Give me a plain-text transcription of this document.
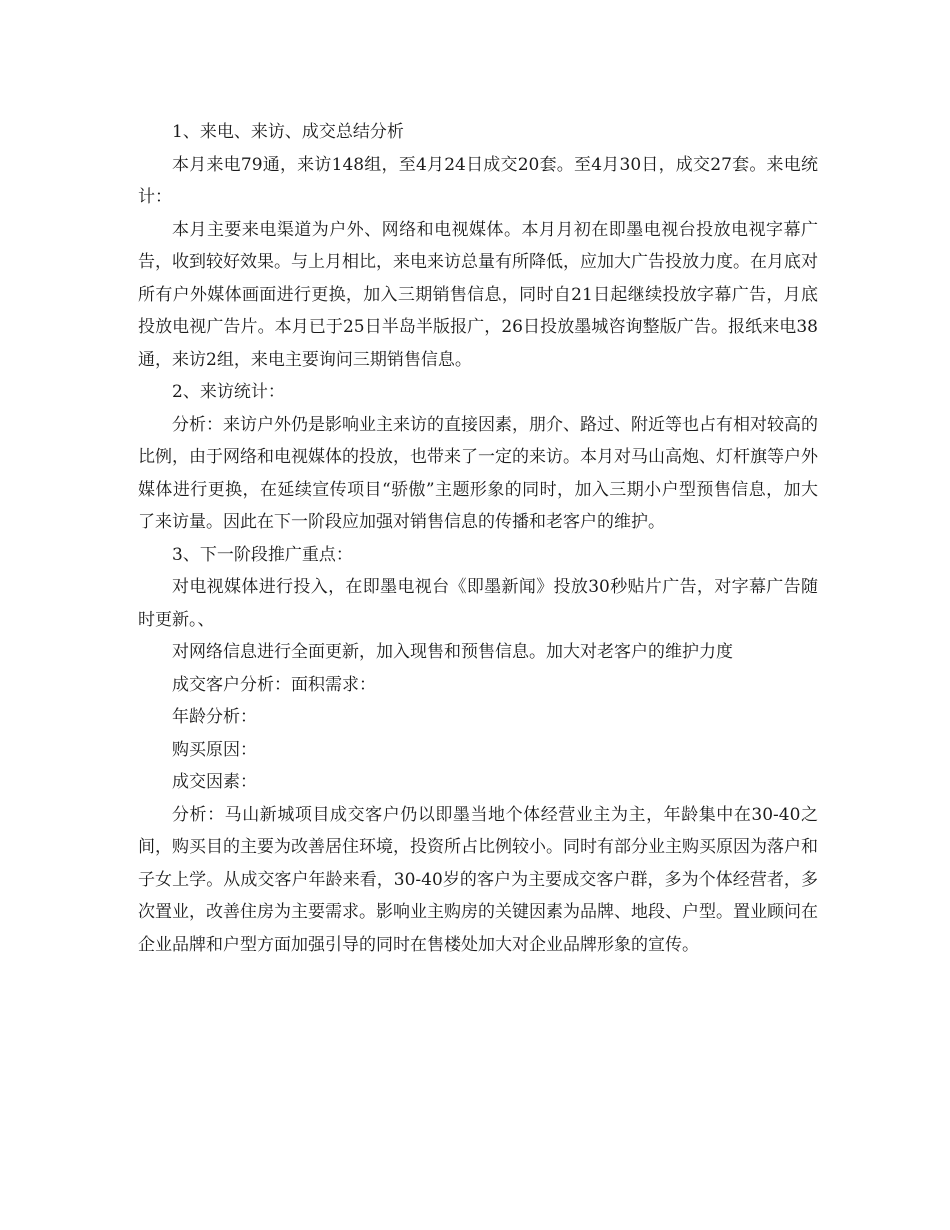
1、来电、来访、成交总结分析

本月来电79通，来访148组，至4月24日成交20套。至4月30日，成交27套。来电统计：

本月主要来电渠道为户外、网络和电视媒体。本月月初在即墨电视台投放电视字幕广告，收到较好效果。与上月相比，来电来访总量有所降低，应加大广告投放力度。在月底对所有户外媒体画面进行更换，加入三期销售信息，同时自21日起继续投放字幕广告，月底投放电视广告片。本月已于25日半岛半版报广，26日投放墨城咨询整版广告。报纸来电38通，来访2组，来电主要询问三期销售信息。

2、来访统计：

分析：来访户外仍是影响业主来访的直接因素，朋介、路过、附近等也占有相对较高的比例，由于网络和电视媒体的投放，也带来了一定的来访。本月对马山高炮、灯杆旗等户外媒体进行更换，在延续宣传项目“骄傲”主题形象的同时，加入三期小户型预售信息，加大了来访量。因此在下一阶段应加强对销售信息的传播和老客户的维护。

3、下一阶段推广重点：

对电视媒体进行投入，在即墨电视台《即墨新闻》投放30秒贴片广告，对字幕广告随时更新。、

对网络信息进行全面更新，加入现售和预售信息。加大对老客户的维护力度

成交客户分析：面积需求：

年龄分析：

购买原因：

成交因素：

分析：马山新城项目成交客户仍以即墨当地个体经营业主为主，年龄集中在30-40之间，购买目的主要为改善居住环境，投资所占比例较小。同时有部分业主购买原因为落户和子女上学。从成交客户年龄来看，30-40岁的客户为主要成交客户群，多为个体经营者，多次置业，改善住房为主要需求。影响业主购房的关键因素为品牌、地段、户型。置业顾问在企业品牌和户型方面加强引导的同时在售楼处加大对企业品牌形象的宣传。
